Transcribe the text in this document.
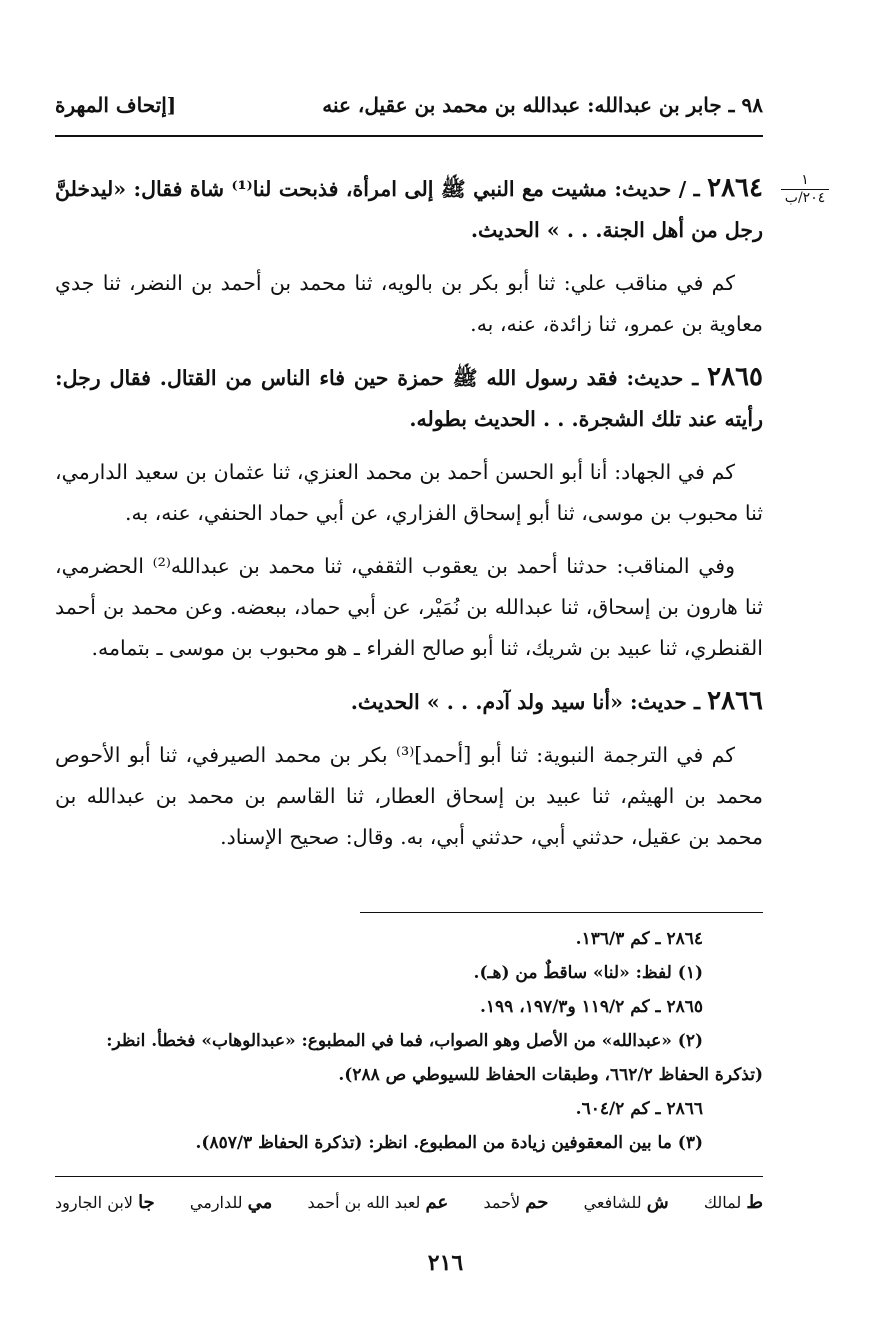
٩٨ ـ جابر بن عبدالله: عبدالله بن محمد بن عقيل، عنه
[إتحاف المهرة
١
٢٠٤/ب

٢٨٦٤ ـ / حديث: مشيت مع النبي ﷺ إلى امرأة، فذبحت لنا⁽¹⁾ شاة فقال: «ليدخلنَّ رجل من أهل الجنة. . . » الحديث.

كم في مناقب علي: ثنا أبو بكر بن بالويه، ثنا محمد بن أحمد بن النضر، ثنا جدي معاوية بن عمرو، ثنا زائدة، عنه، به.

٢٨٦٥ ـ حديث: فقد رسول الله ﷺ حمزة حين فاء الناس من القتال. فقال رجل: رأيته عند تلك الشجرة. . . الحديث بطوله.

كم في الجهاد: أنا أبو الحسن أحمد بن محمد العنزي، ثنا عثمان بن سعيد الدارمي، ثنا محبوب بن موسى، ثنا أبو إسحاق الفزاري، عن أبي حماد الحنفي، عنه، به.

وفي المناقب: حدثنا أحمد بن يعقوب الثقفي، ثنا محمد بن عبدالله⁽²⁾ الحضرمي، ثنا هارون بن إسحاق، ثنا عبدالله بن نُمَيْر، عن أبي حماد، ببعضه. وعن محمد بن أحمد القنطري، ثنا عبيد بن شريك، ثنا أبو صالح الفراء ـ هو محبوب بن موسى ـ بتمامه.

٢٨٦٦ ـ حديث: «أنا سيد ولد آدم. . . » الحديث.

كم في الترجمة النبوية: ثنا أبو [أحمد]⁽³⁾ بكر بن محمد الصيرفي، ثنا أبو الأحوص محمد بن الهيثم، ثنا عبيد بن إسحاق العطار، ثنا القاسم بن محمد بن عبدالله بن محمد بن عقيل، حدثني أبي، حدثني أبي، به. وقال: صحيح الإسناد.

٢٨٦٤ ـ كم ١٣٦/٣.

(١) لفظ: «لنا» ساقطٌ من (هـ).

٢٨٦٥ ـ كم ١١٩/٢ و١٩٧/٣، ١٩٩.

(٢) «عبدالله» من الأصل وهو الصواب، فما في المطبوع: «عبدالوهاب» فخطأ. انظر: (تذكرة الحفاظ ٦٦٢/٢، وطبقات الحفاظ للسيوطي ص ٢٨٨).

٢٨٦٦ ـ كم ٦٠٤/٢.

(٣) ما بين المعقوفين زيادة من المطبوع. انظر: (تذكرة الحفاظ ٨٥٧/٣).

ط لمالك
ش للشافعي
حم لأحمد
عم لعبد الله بن أحمد
مي للدارمي
جا لابن الجارود
٢١٦
